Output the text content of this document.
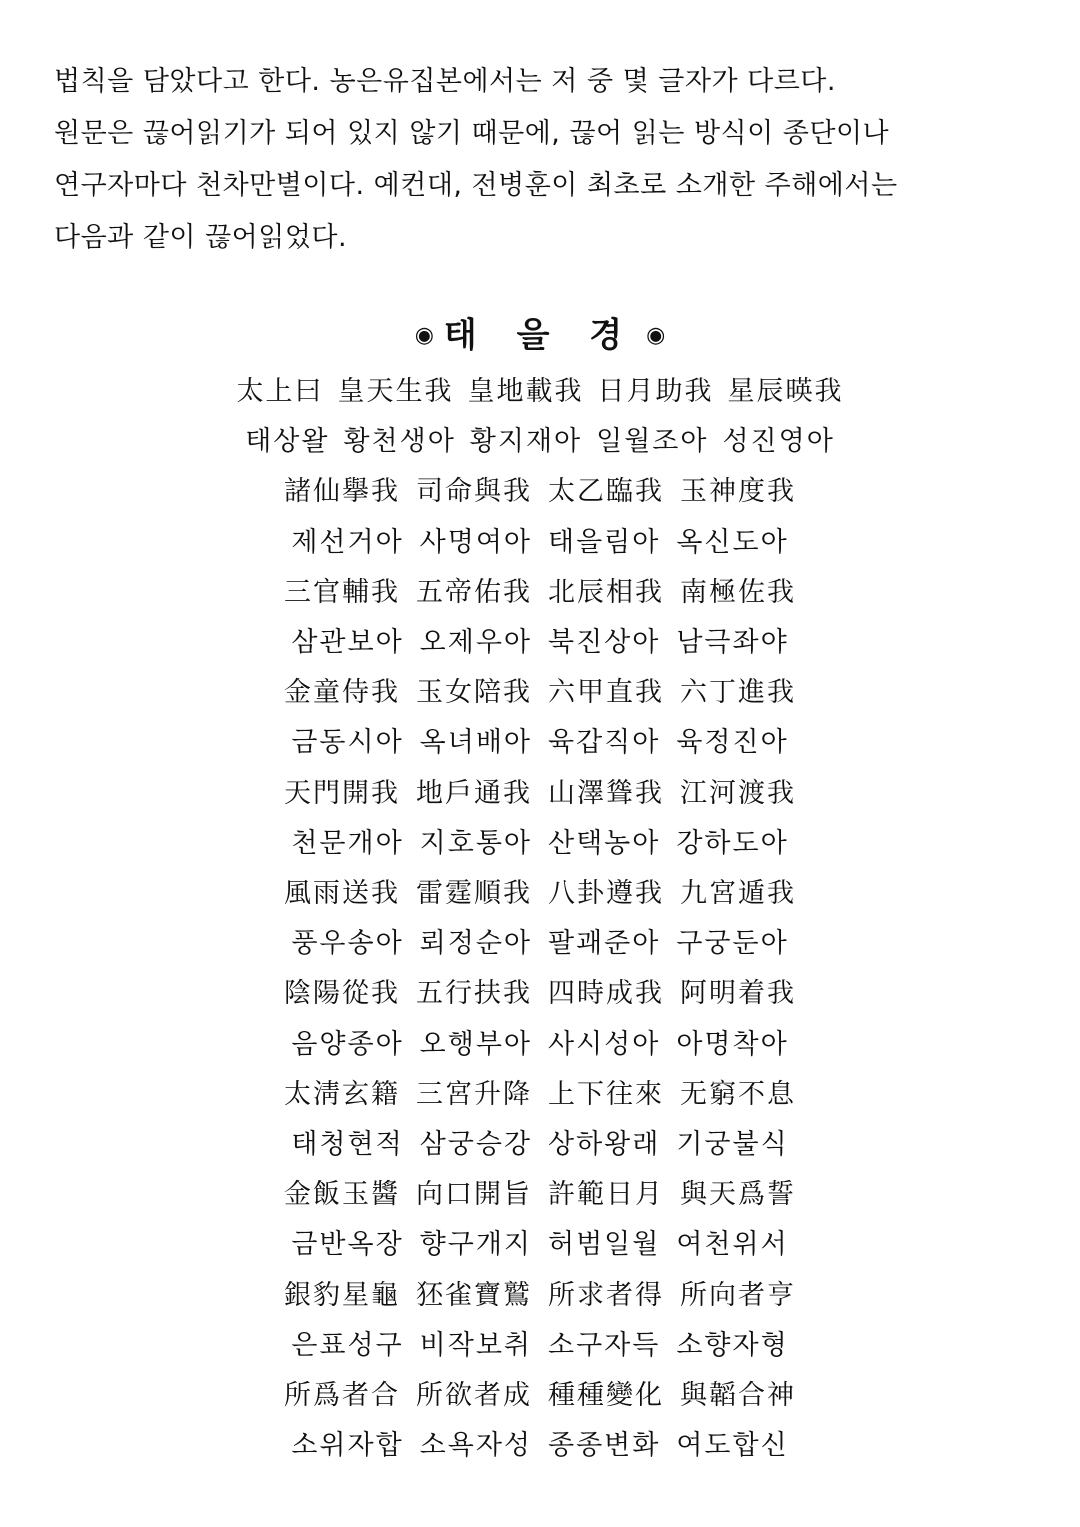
법칙을 담았다고 한다. 농은유집본에서는 저 중 몇 글자가 다르다.

원문은 끊어읽기가 되어 있지 않기 때문에, 끊어 읽는 방식이 종단이나

연구자마다 천차만별이다. 예컨대, 전병훈이 최초로 소개한 주해에서는

다음과 같이 끊어읽었다.

◉ 태 을 경 ◉
太上曰 皇天生我 皇地載我 日月助我 星辰暎我
태상왈 황천생아 황지재아 일월조아 성진영아
諸仙擧我 司命與我 太乙臨我 玉神度我
제선거아 사명여아 태을림아 옥신도아
三官輔我 五帝佑我 北辰相我 南極佐我
삼관보아 오제우아 북진상아 남극좌야
金童侍我 玉女陪我 六甲直我 六丁進我
금동시아 옥녀배아 육갑직아 육정진아
天門開我 地戶通我 山澤聳我 江河渡我
천문개아 지호통아 산택농아 강하도아
風雨送我 雷霆順我 八卦遵我 九宮遁我
풍우송아 뢰정순아 팔괘준아 구궁둔아
陰陽從我 五行扶我 四時成我 阿明着我
음양종아 오행부아 사시성아 아명착아
太淸玄籍 三宮升降 上下往來 无窮不息
태청현적 삼궁승강 상하왕래 기궁불식
金飯玉醬 向口開旨 許範日月 與天爲誓
금반옥장 향구개지 허범일월 여천위서
銀豹星龜 狉雀寶鷲 所求者得 所向者亨
은표성구 비작보취 소구자득 소향자형
所爲者合 所欲者成 種種變化 與韜合神
소위자합 소욕자성 종종변화 여도합신
